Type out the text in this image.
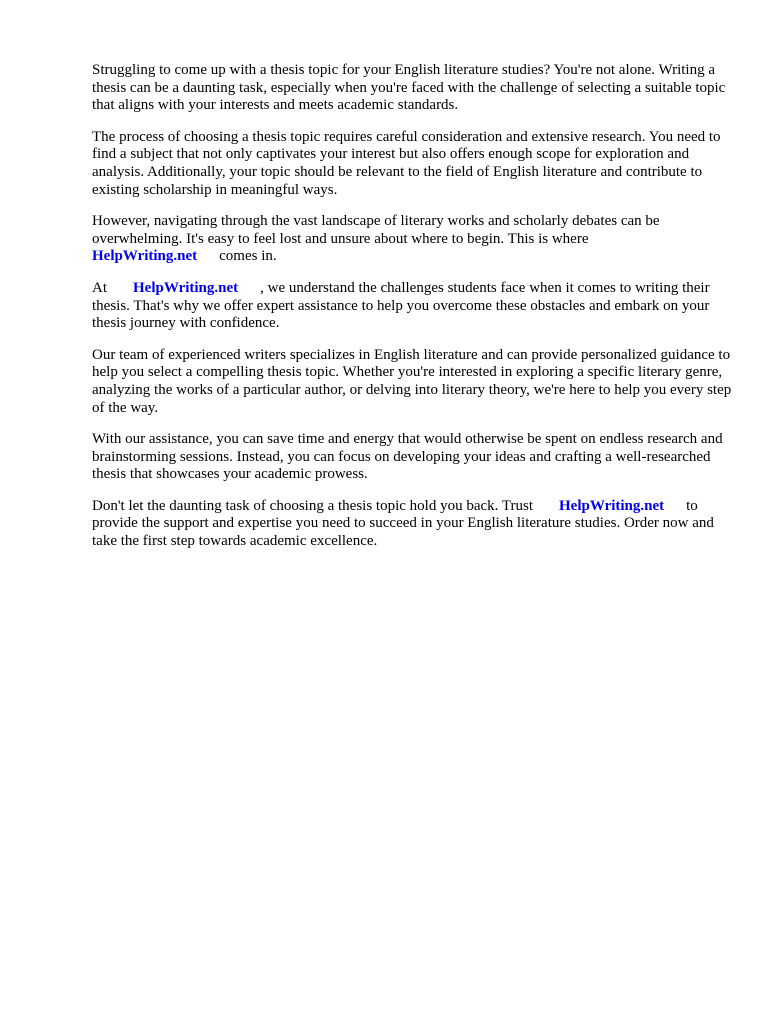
Struggling to come up with a thesis topic for your English literature studies? You're not alone. Writing a thesis can be a daunting task, especially when you're faced with the challenge of selecting a suitable topic that aligns with your interests and meets academic standards.

The process of choosing a thesis topic requires careful consideration and extensive research. You need to find a subject that not only captivates your interest but also offers enough scope for exploration and analysis. Additionally, your topic should be relevant to the field of English literature and contribute to existing scholarship in meaningful ways.

However, navigating through the vast landscape of literary works and scholarly debates can be overwhelming. It's easy to feel lost and unsure about where to begin. This is where
HelpWriting.net comes in.

At HelpWriting.net , we understand the challenges students face when it comes to writing their thesis. That's why we offer expert assistance to help you overcome these obstacles and embark on your thesis journey with confidence.

Our team of experienced writers specializes in English literature and can provide personalized guidance to help you select a compelling thesis topic. Whether you're interested in exploring a specific literary genre, analyzing the works of a particular author, or delving into literary theory, we're here to help you every step of the way.

With our assistance, you can save time and energy that would otherwise be spent on endless research and brainstorming sessions. Instead, you can focus on developing your ideas and crafting a well-researched thesis that showcases your academic prowess.

Don't let the daunting task of choosing a thesis topic hold you back. Trust HelpWriting.net to provide the support and expertise you need to succeed in your English literature studies. Order now and take the first step towards academic excellence.
